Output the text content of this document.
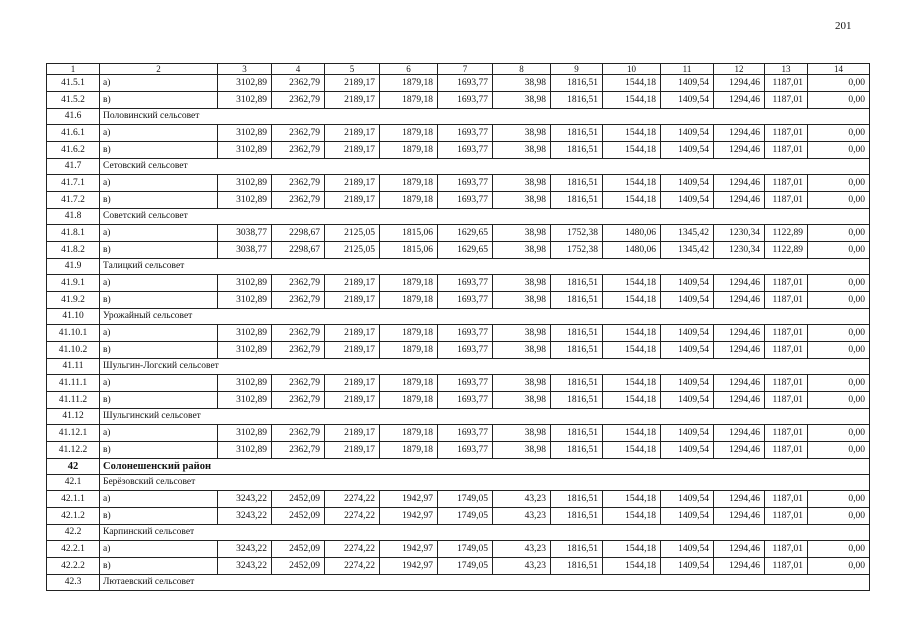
201
1	2	3	4	5	6	7	8	9	10	11	12	13	14
41.5.1	а)	3102,89	2362,79	2189,17	1879,18	1693,77	38,98	1816,51	1544,18	1409,54	1294,46	1187,01	0,00
41.5.2	в)	3102,89	2362,79	2189,17	1879,18	1693,77	38,98	1816,51	1544,18	1409,54	1294,46	1187,01	0,00
41.6	Половинский сельсовет												
41.6.1	а)	3102,89	2362,79	2189,17	1879,18	1693,77	38,98	1816,51	1544,18	1409,54	1294,46	1187,01	0,00
41.6.2	в)	3102,89	2362,79	2189,17	1879,18	1693,77	38,98	1816,51	1544,18	1409,54	1294,46	1187,01	0,00
41.7	Сетовский сельсовет												
41.7.1	а)	3102,89	2362,79	2189,17	1879,18	1693,77	38,98	1816,51	1544,18	1409,54	1294,46	1187,01	0,00
41.7.2	в)	3102,89	2362,79	2189,17	1879,18	1693,77	38,98	1816,51	1544,18	1409,54	1294,46	1187,01	0,00
41.8	Советский сельсовет												
41.8.1	а)	3038,77	2298,67	2125,05	1815,06	1629,65	38,98	1752,38	1480,06	1345,42	1230,34	1122,89	0,00
41.8.2	в)	3038,77	2298,67	2125,05	1815,06	1629,65	38,98	1752,38	1480,06	1345,42	1230,34	1122,89	0,00
41.9	Талицкий сельсовет												
41.9.1	а)	3102,89	2362,79	2189,17	1879,18	1693,77	38,98	1816,51	1544,18	1409,54	1294,46	1187,01	0,00
41.9.2	в)	3102,89	2362,79	2189,17	1879,18	1693,77	38,98	1816,51	1544,18	1409,54	1294,46	1187,01	0,00
41.10	Урожайный сельсовет												
41.10.1	а)	3102,89	2362,79	2189,17	1879,18	1693,77	38,98	1816,51	1544,18	1409,54	1294,46	1187,01	0,00
41.10.2	в)	3102,89	2362,79	2189,17	1879,18	1693,77	38,98	1816,51	1544,18	1409,54	1294,46	1187,01	0,00
41.11	Шульгин-Логский сельсовет												
41.11.1	а)	3102,89	2362,79	2189,17	1879,18	1693,77	38,98	1816,51	1544,18	1409,54	1294,46	1187,01	0,00
41.11.2	в)	3102,89	2362,79	2189,17	1879,18	1693,77	38,98	1816,51	1544,18	1409,54	1294,46	1187,01	0,00
41.12	Шульгинский сельсовет												
41.12.1	а)	3102,89	2362,79	2189,17	1879,18	1693,77	38,98	1816,51	1544,18	1409,54	1294,46	1187,01	0,00
41.12.2	в)	3102,89	2362,79	2189,17	1879,18	1693,77	38,98	1816,51	1544,18	1409,54	1294,46	1187,01	0,00
42	Солонешенский район												
42.1	Берёзовский сельсовет												
42.1.1	а)	3243,22	2452,09	2274,22	1942,97	1749,05	43,23	1816,51	1544,18	1409,54	1294,46	1187,01	0,00
42.1.2	в)	3243,22	2452,09	2274,22	1942,97	1749,05	43,23	1816,51	1544,18	1409,54	1294,46	1187,01	0,00
42.2	Карпинский сельсовет												
42.2.1	а)	3243,22	2452,09	2274,22	1942,97	1749,05	43,23	1816,51	1544,18	1409,54	1294,46	1187,01	0,00
42.2.2	в)	3243,22	2452,09	2274,22	1942,97	1749,05	43,23	1816,51	1544,18	1409,54	1294,46	1187,01	0,00
42.3	Лютаевский сельсовет												
